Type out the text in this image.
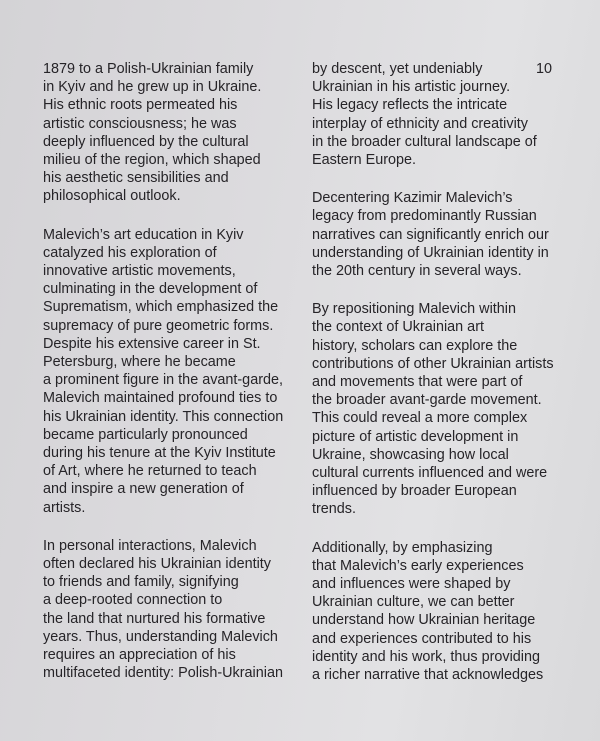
1879 to a Polish-Ukrainian family
in Kyiv and he grew up in Ukraine.
His ethnic roots permeated his
artistic consciousness; he was
deeply influenced by the cultural
milieu of the region, which shaped
his aesthetic sensibilities and
philosophical outlook.

Malevich’s art education in Kyiv
catalyzed his exploration of
innovative artistic movements,
culminating in the development of
Suprematism, which emphasized the
supremacy of pure geometric forms.
Despite his extensive career in St.
Petersburg, where he became
a prominent figure in the avant-garde,
Malevich maintained profound ties to
his Ukrainian identity. This connection
became particularly pronounced
during his tenure at the Kyiv Institute
of Art, where he returned to teach
and inspire a new generation of
artists.

In personal interactions, Malevich
often declared his Ukrainian identity
to friends and family, signifying
a deep-rooted connection to
the land that nurtured his formative
years. Thus, understanding Malevich
requires an appreciation of his
multifaceted identity: Polish-Ukrainian

by descent, yet undeniably
Ukrainian in his artistic journey.
His legacy reflects the intricate
interplay of ethnicity and creativity
in the broader cultural landscape of
Eastern Europe.

Decentering Kazimir Malevich’s
legacy from predominantly Russian
narratives can significantly enrich our
understanding of Ukrainian identity in
the 20th century in several ways.

By repositioning Malevich within
the context of Ukrainian art
history, scholars can explore the
contributions of other Ukrainian artists
and movements that were part of
the broader avant-garde movement.
This could reveal a more complex
picture of artistic development in
Ukraine, showcasing how local
cultural currents influenced and were
influenced by broader European
trends.

Additionally, by emphasizing
that Malevich’s early experiences
and influences were shaped by
Ukrainian culture, we can better
understand how Ukrainian heritage
and experiences contributed to his
identity and his work, thus providing
a richer narrative that acknowledges

10
